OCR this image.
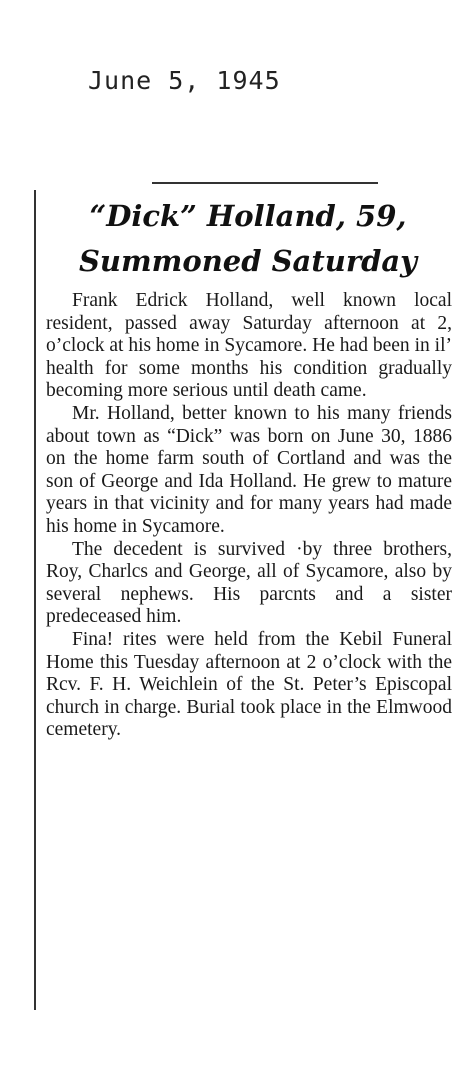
June 5, 1945
“Dick” Holland, 59,
Summoned Saturday

Frank Edrick Holland, well known local resident, passed away Saturday afternoon at 2, o’clock at his home in Sycamore. He had been in il’ health for some months his condition gradually becoming more serious until death came.

Mr. Holland, better known to his many friends about town as “Dick” was born on June 30, 1886 on the home farm south of Cortland and was the son of George and Ida Holland. He grew to mature years in that vicinity and for many years had made his home in Sycamore.

The decedent is survived ·by three brothers, Roy, Charlcs and George, all of Sycamore, also by several nephews. His parcnts and a sister predeceased him.

Fina! rites were held from the Kebil Funeral Home this Tuesday afternoon at 2 o’clock with the Rcv. F. H. Weichlein of the St. Peter’s Episcopal church in charge. Burial took place in the Elmwood cemetery.
